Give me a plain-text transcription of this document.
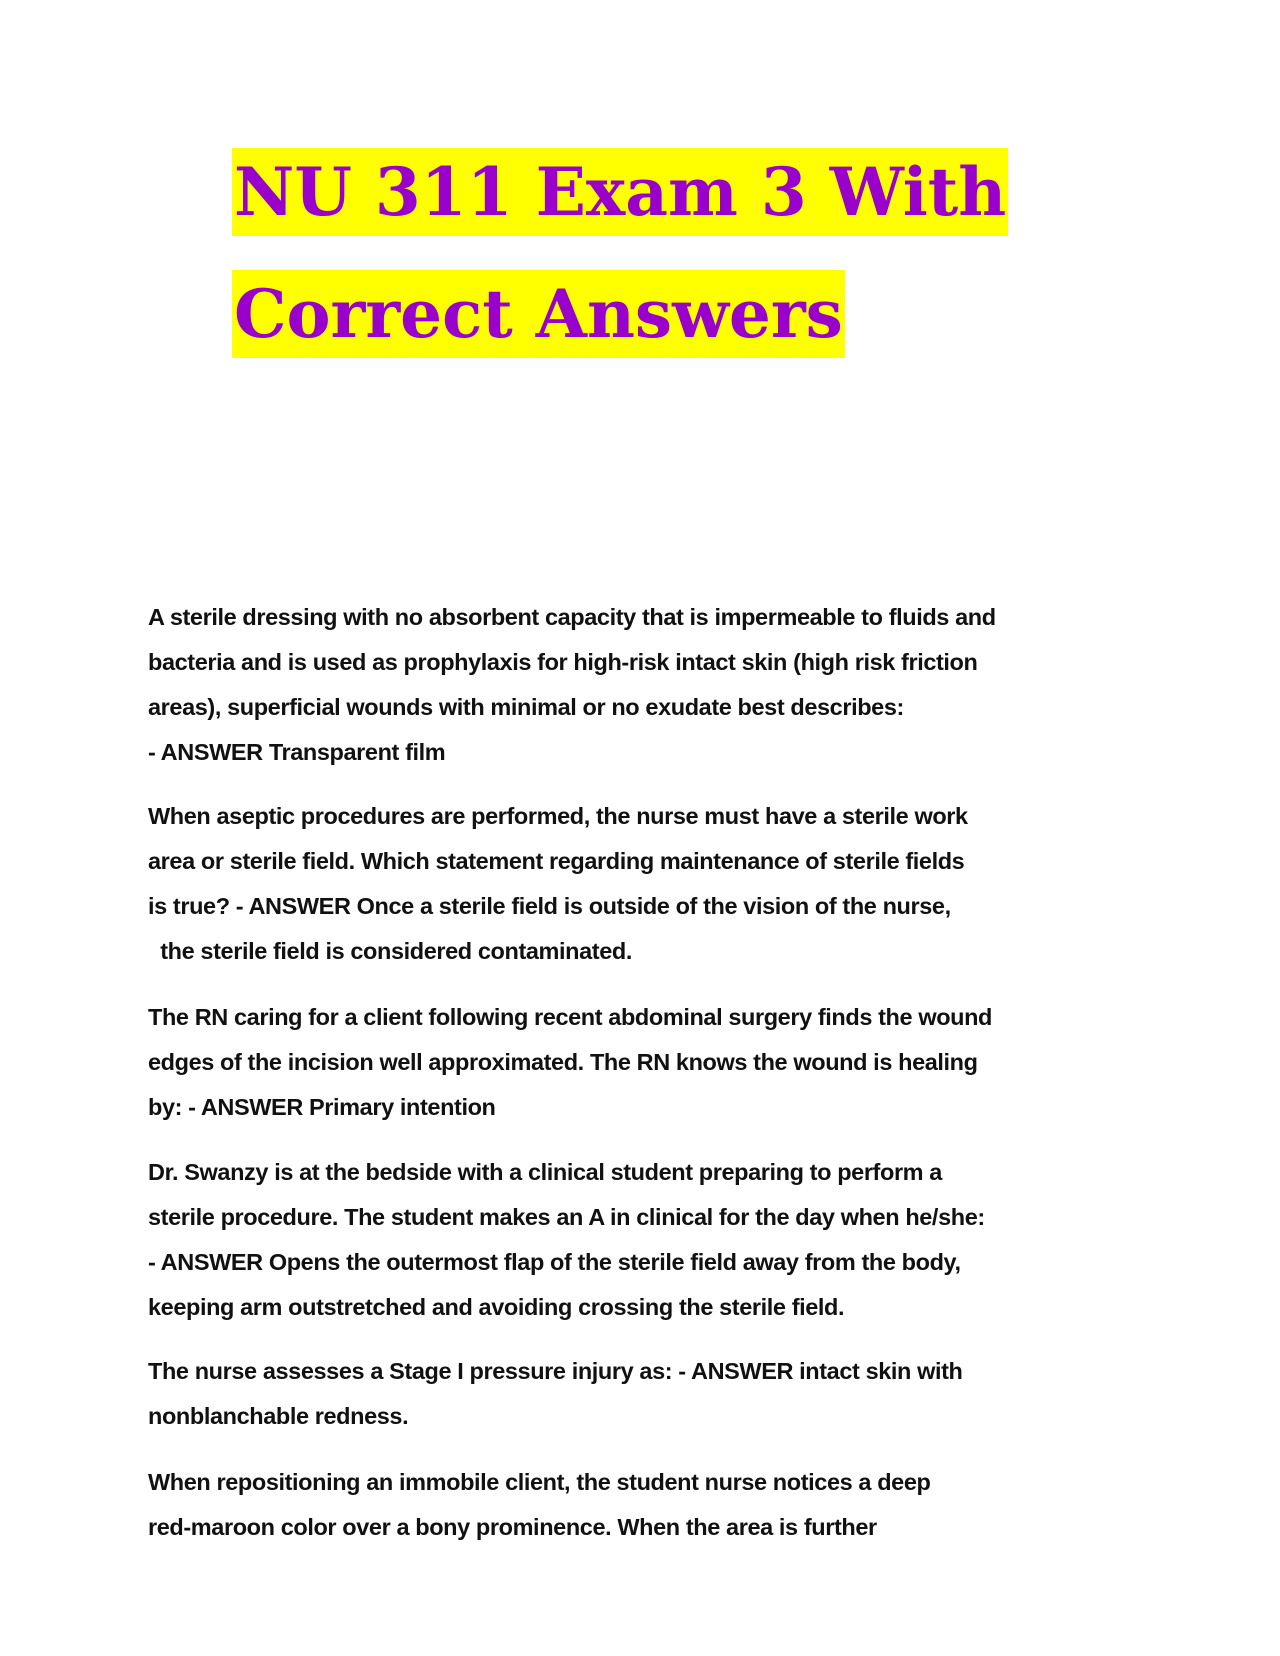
NU 311 Exam 3 With
Correct Answers
A sterile dressing with no absorbent capacity that is impermeable to fluids and
bacteria and is used as prophylaxis for high-risk intact skin (high risk friction
areas), superficial wounds with minimal or no exudate best describes:
- ANSWER Transparent film
When aseptic procedures are performed, the nurse must have a sterile work
area or sterile field. Which statement regarding maintenance of sterile fields
is true? - ANSWER Once a sterile field is outside of the vision of the nurse,
the sterile field is considered contaminated.
The RN caring for a client following recent abdominal surgery finds the wound
edges of the incision well approximated. The RN knows the wound is healing
by: - ANSWER Primary intention
Dr. Swanzy is at the bedside with a clinical student preparing to perform a
sterile procedure. The student makes an A in clinical for the day when he/she:
- ANSWER Opens the outermost flap of the sterile field away from the body,
keeping arm outstretched and avoiding crossing the sterile field.
The nurse assesses a Stage I pressure injury as: - ANSWER intact skin with
nonblanchable redness.
When repositioning an immobile client, the student nurse notices a deep
red-maroon color over a bony prominence. When the area is further
